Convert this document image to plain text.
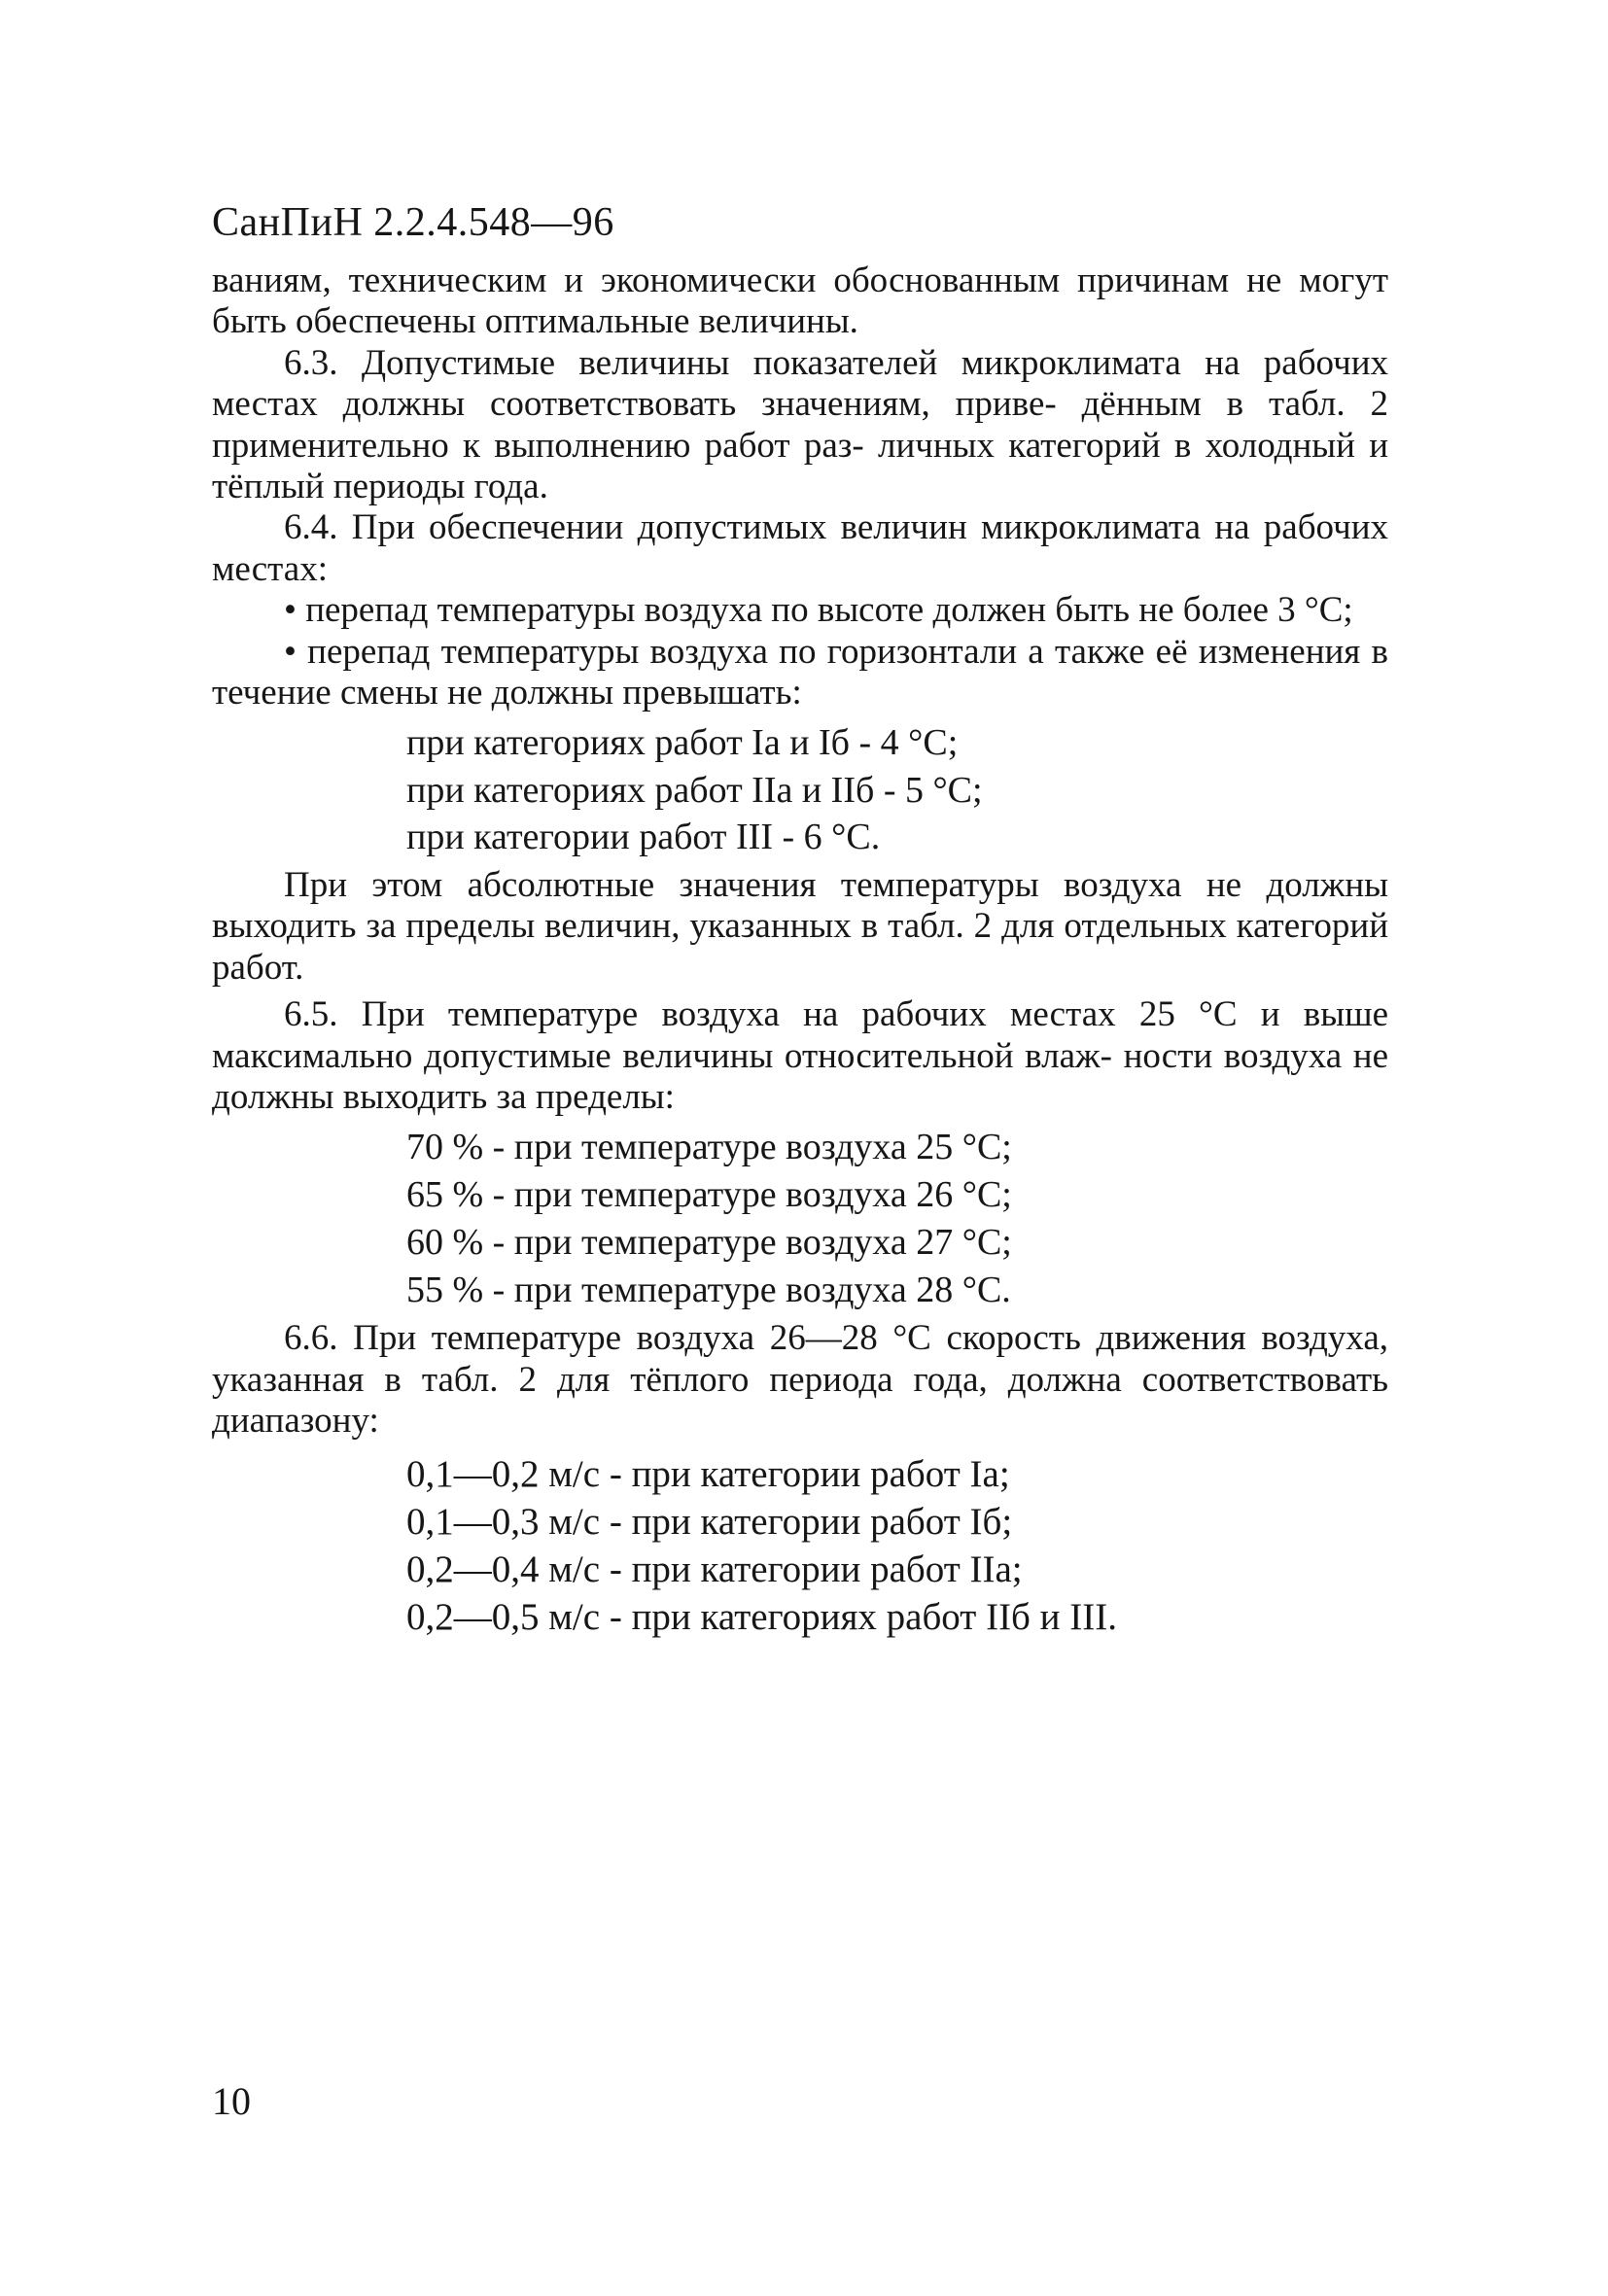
СанПиН 2.2.4.548—96

ваниям, техническим и экономически обоснованным причинам не могут быть обеспечены оптимальные величины.

6.3. Допустимые величины показателей микроклимата на рабочих местах должны соответствовать значениям, приве- дённым в табл. 2 применительно к выполнению работ раз- личных категорий в холодный и тёплый периоды года.

6.4. При обеспечении допустимых величин микроклимата на рабочих местах:

• перепад температуры воздуха по высоте должен быть не более 3 °С;

• перепад температуры воздуха по горизонтали а также её изменения в течение смены не должны превышать:

при категориях работ Iа и Iб - 4 °С;
при категориях работ IIа и IIб - 5 °С;
при категории работ III - 6 °С.

При этом абсолютные значения температуры воздуха не должны выходить за пределы величин, указанных в табл. 2 для отдельных категорий работ.

6.5. При температуре воздуха на рабочих местах 25 °С и выше максимально допустимые величины относительной влаж- ности воздуха не должны выходить за пределы:

70 % - при температуре воздуха 25 °С;
65 % - при температуре воздуха 26 °С;
60 % - при температуре воздуха 27 °С;
55 % - при температуре воздуха 28 °С.

6.6. При температуре воздуха 26—28 °С скорость движения воздуха, указанная в табл. 2 для тёплого периода года, должна соответствовать диапазону:

0,1—0,2 м/с - при категории работ Iа;
0,1—0,3 м/с - при категории работ Iб;
0,2—0,4 м/с - при категории работ IIа;
0,2—0,5 м/с - при категориях работ IIб и III.
10
